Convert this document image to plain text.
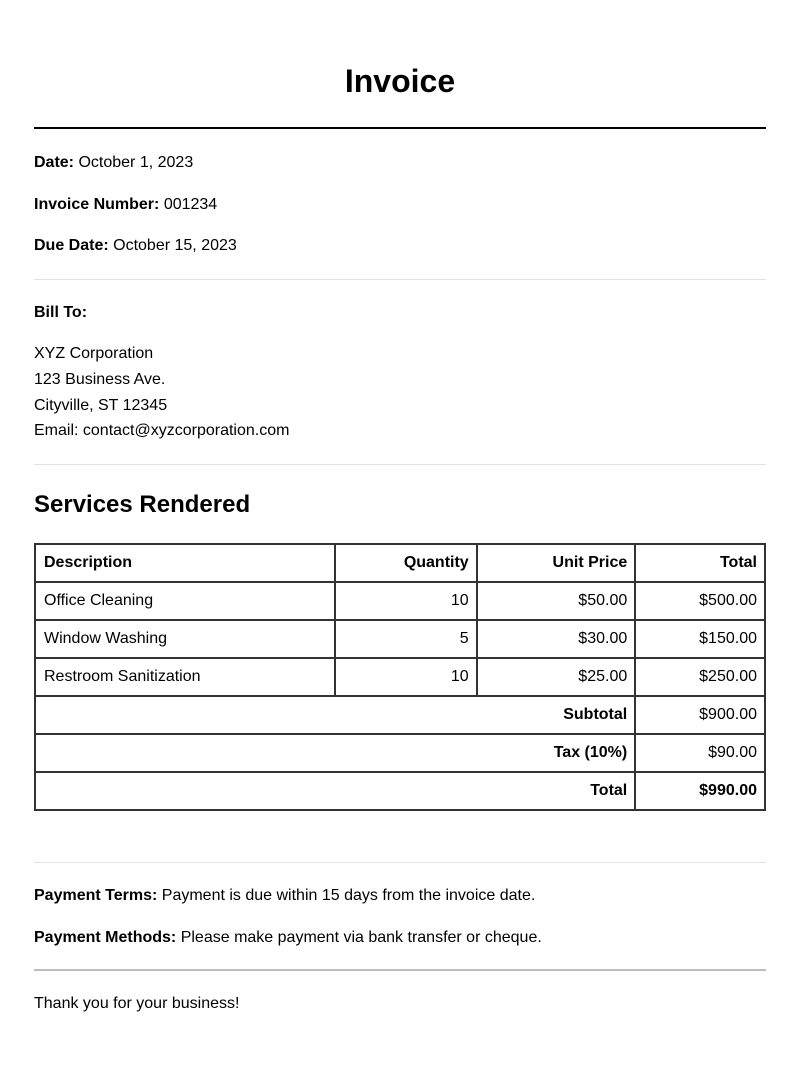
Invoice
Date: October 1, 2023
Invoice Number: 001234
Due Date: October 15, 2023
Bill To:
XYZ Corporation
123 Business Ave.
Cityville, ST 12345
Email: contact@xyzcorporation.com
Services Rendered
Description	Quantity	Unit Price	Total
Office Cleaning	10	$50.00	$500.00
Window Washing	5	$30.00	$150.00
Restroom Sanitization	10	$25.00	$250.00
Subtotal			$900.00
Tax (10%)			$90.00
Total			$990.00
Payment Terms: Payment is due within 15 days from the invoice date.
Payment Methods: Please make payment via bank transfer or cheque.
Thank you for your business!
